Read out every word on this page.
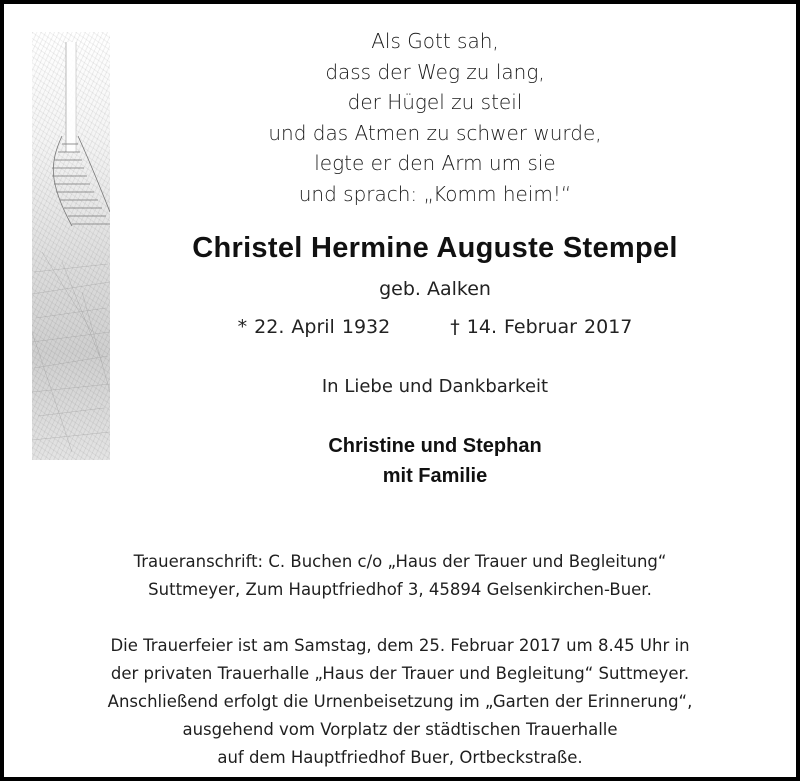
Als Gott sah,
dass der Weg zu lang,
der Hügel zu steil
und das Atmen zu schwer wurde,
legte er den Arm um sie
und sprach: „Komm heim!“
Christel Hermine Auguste Stempel
geb. Aalken
* 22. April 1932	† 14. Februar 2017
In Liebe und Dankbarkeit
Christine und Stephan
mit Familie
Traueranschrift: C. Buchen c/o „Haus der Trauer und Begleitung“
Suttmeyer, Zum Hauptfriedhof 3, 45894 Gelsenkirchen-Buer.
Die Trauerfeier ist am Samstag, dem 25. Februar 2017 um 8.45 Uhr in
der privaten Trauerhalle „Haus der Trauer und Begleitung“ Suttmeyer.
Anschließend erfolgt die Urnenbeisetzung im „Garten der Erinnerung“,
ausgehend vom Vorplatz der städtischen Trauerhalle
auf dem Hauptfriedhof Buer, Ortbeckstraße.
